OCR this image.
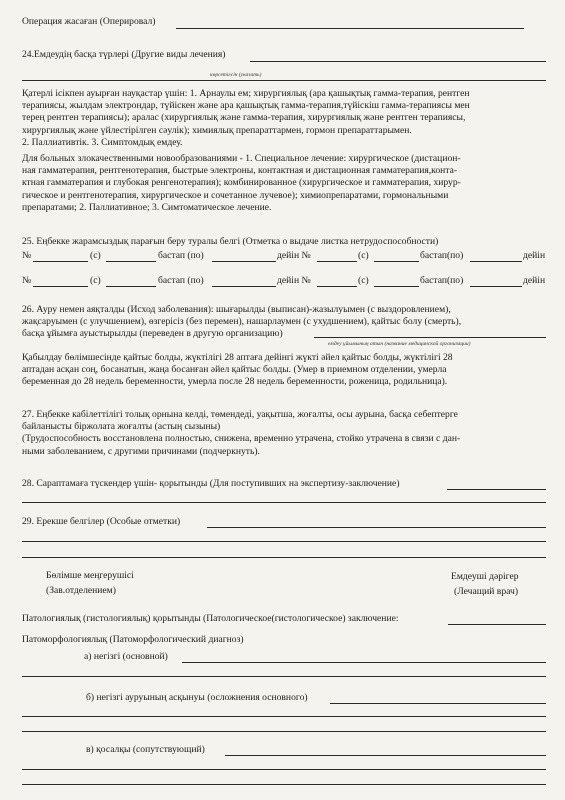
Операция жасаған (Оперировал)
24.Емдеудің басқа түрлері (Другие виды лечения)
көрсетілсін (указать)
Қатерлі ісікпен ауырған науқастар үшін: 1. Арнаулы ем; хирургиялық (ара қашықтық гамма-терапия, рентген
терапиясы, жылдам электрондар, түйіскен және ара қашықтық гамма-терапия,түйіскіш гамма-терапиясы мен
терең рентген терапиясы); аралас (хирургиялық және гамма-терапия, хирургиялық және рентген терапиясы,
хирургиялық және үйлестірілген сәулік); химиялық препараттармен, гормон препараттарымен.
2. Паллиативтік. 3. Симптомдық емдеу.
Для больных злокачественными новообразованиями - 1. Специальное лечение: хирургическое (дистацион-
ная гамматерапия, рентгенотерапия, быстрые электроны, контактная и дистационная гамматерапия,конта-
ктная гамматерапия и глубокая ренгенотерапия); комбинированное (хирургическое и гамматерапия, хирур-
гическое и рентгенотерапия, хирургическое и сочетанное лучевое); химиопрепаратами, гормональными
препаратами; 2. Паллиативное; 3. Симтоматическое лечение.
25. Еңбекке жарамсыздық парағын беру туралы белгі (Отметка о выдаче листка нетрудоспособности)
№	(с)	бастап (по)	дейін №	(с)	бастап(по)	дейін
№	(с)	бастап (по)	дейін №	(с)	бастап(по)	дейін
26. Ауру немен аяқталды (Исход заболевания): шығарылды (выписан)-жазылуымен (с выздоровлением),
жақсаруымен (с улучшением), өзгерісіз (без перемен), нашарлаумен (с ухудшением), қайтыс болу (смерть),
басқа ұйымға ауыстырылды (переведен в другую организацию)
емдеу ұйымының атын (название медицинской организации)
Қабылдау бөлімшесінде қайтыс болды, жүктілігі 28 аптаға дейінгі жүкті әйел қайтыс болды, жүктілігі 28
аптадан асқан соң, босанатын, жаңа босанған әйел қайтыс болды. (Умер в приемном отделении, умерла
беременная до 28 недель беременности, умерла после 28 недель беременности, роженица, родильница).
27. Еңбекке кабілеттілігі толық орнына келді, төмендеді, уақытша, жоғалты, осы аурына, басқа себептерге
байланысты біржолата жоғалты (астың сызыны)
(Трудоспособность восстановлена полностью, снижена, временно утрачена, стойко утрачена в связи с дан-
ными заболеванием, с другими причинами (подчеркнуть).
28. Сараптамаға түскендер үшін- қорытынды (Для поступивших на экспертизу-заключение)
29. Ерекше белгілер (Особые отметки)
Бөлімше меңгерушісі
(Зав.отделением)
Емдеуші дәрігер
(Лечащий врач)
Патологиялық (гистологиялық) қорытынды (Патологическое(гистологическое) заключение:
Патоморфологиялық (Патоморфологический диагноз)
а) негізгі (основной)
б) негізгі ауруының асқынуы (осложнения основного)
в) қосалқы (сопутствующий)
